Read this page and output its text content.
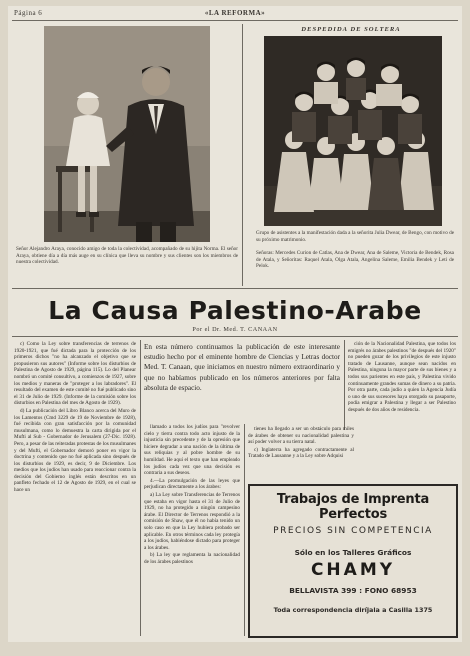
Página 6	«LA REFORMA»
Señor Alejandro Araya, conocido amigo de toda la colectividad, acompañado de su hijita Norma. El señor Araya, obtiene día a día más auge en su clínica que lleva su nombre y sus clientes son los miembros de nuestra colectividad.
DESPEDIDA DE SOLTERA
Grupo de asistentes a la manifestación dada a la señorita Julia Dwear, de Bengo, con motivo de su próximo matrimonio.
Señoras: Mercedes Curion de Catlas, Ana de Dwear, Ana de Saleme, Victoria de Bendek, Rosa de Atala, y Señoritas: Raquel Atala, Olga Atala, Angelina Saleme, Emilia Bendek y Leti de Pelok.
La Causa Palestino-Arabe
Por el Dr. Med. T. CANAAN

c) Como la Ley sobre transferencias de terrenos de 1920-1921, que fué dictada para la protección de los primeros dichos "no ha alcanzado el objetivo que se propusieron sus autores" (Informe sobre los disturbios de Palestina de Agosto de 1929, página 115). Lo del Planear nombró un comité consultivo, a comienzos de 1927, sobre los medios y maneras de "proteger a los labradores". El resultado del examen de este comité no fué publicado sino el 31 de Julio de 1929. (Informe de la comisión sobre los disturbios en Palestina del mes de Agosto de 1929).

d) La publicación del Libro Blanco acerca del Muro de los Lamentos (Cmd 3229 de 19 de Noviembre de 1928), fué recibida con gran satisfacción por la comunidad musulmana, como lo demuestra la carta dirigida por el Mufti al Sub - Gobernador de Jerusalem (27-Dic. 1928). Pero, a pesar de las reiteradas protestas de los musulmanes y del Mufti, el Gobernador demoró poner en vigor la doctrina y contenido que no fué aplicada sino después de los disturbios de 1929, es decir, 9 de Diciembre. Los medios que los judíos han usado para reaccionar contra la decisión del Gobierno inglés están descritos en un panfleto fechado el 12 de Agosto de 1929, en el cual se hace un

En esta número continuamos la publicación de este interesante estudio hecho por el eminente hombre de Ciencias y Letras doctor Med. T. Canaan, que iniciamos en nuestro número extraordinario y que no habíamos publicado en los números anteriores por falta absoluta de espacio.

ción de la Nacionalidad Palestina, que todos los emigrés no árabes palestinos "de después del 1920" no pueden gozar de los privilegios de este injusto tratado de Lausanne, aunque sean nacidos en Palestina, ninguna la mayor parte de sus bienes y a todos sus parientes en este país, y Palestina vivido continuamente grandes sumas de dinero a su patria. Por otra parte, cada judío a quien la Agencia Judía o uno de sus sucesores haya otorgado su pasaporte, podía emigrar a Palestina y llegar a ser Palestino después de dos años de residencia.

llamado a todos los judíos para "revolver cielo y tierra contra todo acto injusto de la injusticia sin precedente y de la opresión que hiciere degradar a una nación de la última de sus reliquias y al pobre hombre de su humildad. He aquí el texto que han empleado los judíos cada vez que una decisión es contraria a sus deseos.

4.—La promulgación de las leyes que perjudican directamente a los árabes:

a) La Ley sobre Transferencias de Terrenos que estaba en vigor hasta el 31 de Julio de 1929, no ha protegido a ningún campesino árabe. El Director de Terrenos respondió a la comisión de Shaw, que él no había tenido un solo caso en que la Ley hubiera probado ser aplicable. En otros términos cada ley protegía a los judíos, habiéndose dictado para proteger a los árabes.

b) La ley que reglamenta la nacionalidad de los árabes palestinos

tienes ha llegado a ser un obstáculo para miles de árabes de obtener su nacionalidad palestina y así poder volver a su tierra natal.

c) Inglaterra ha agregado contractamente al Tratado de Lausanne y a la Ley sobre Adquisi

Trabajos de Imprenta Perfectos
PRECIOS SIN COMPETENCIA
Sólo en los Talleres Gráficos
CHAMY
BELLAVISTA 399 : FONO 68953
Toda correspondencia diríjala a Casilla 1375
